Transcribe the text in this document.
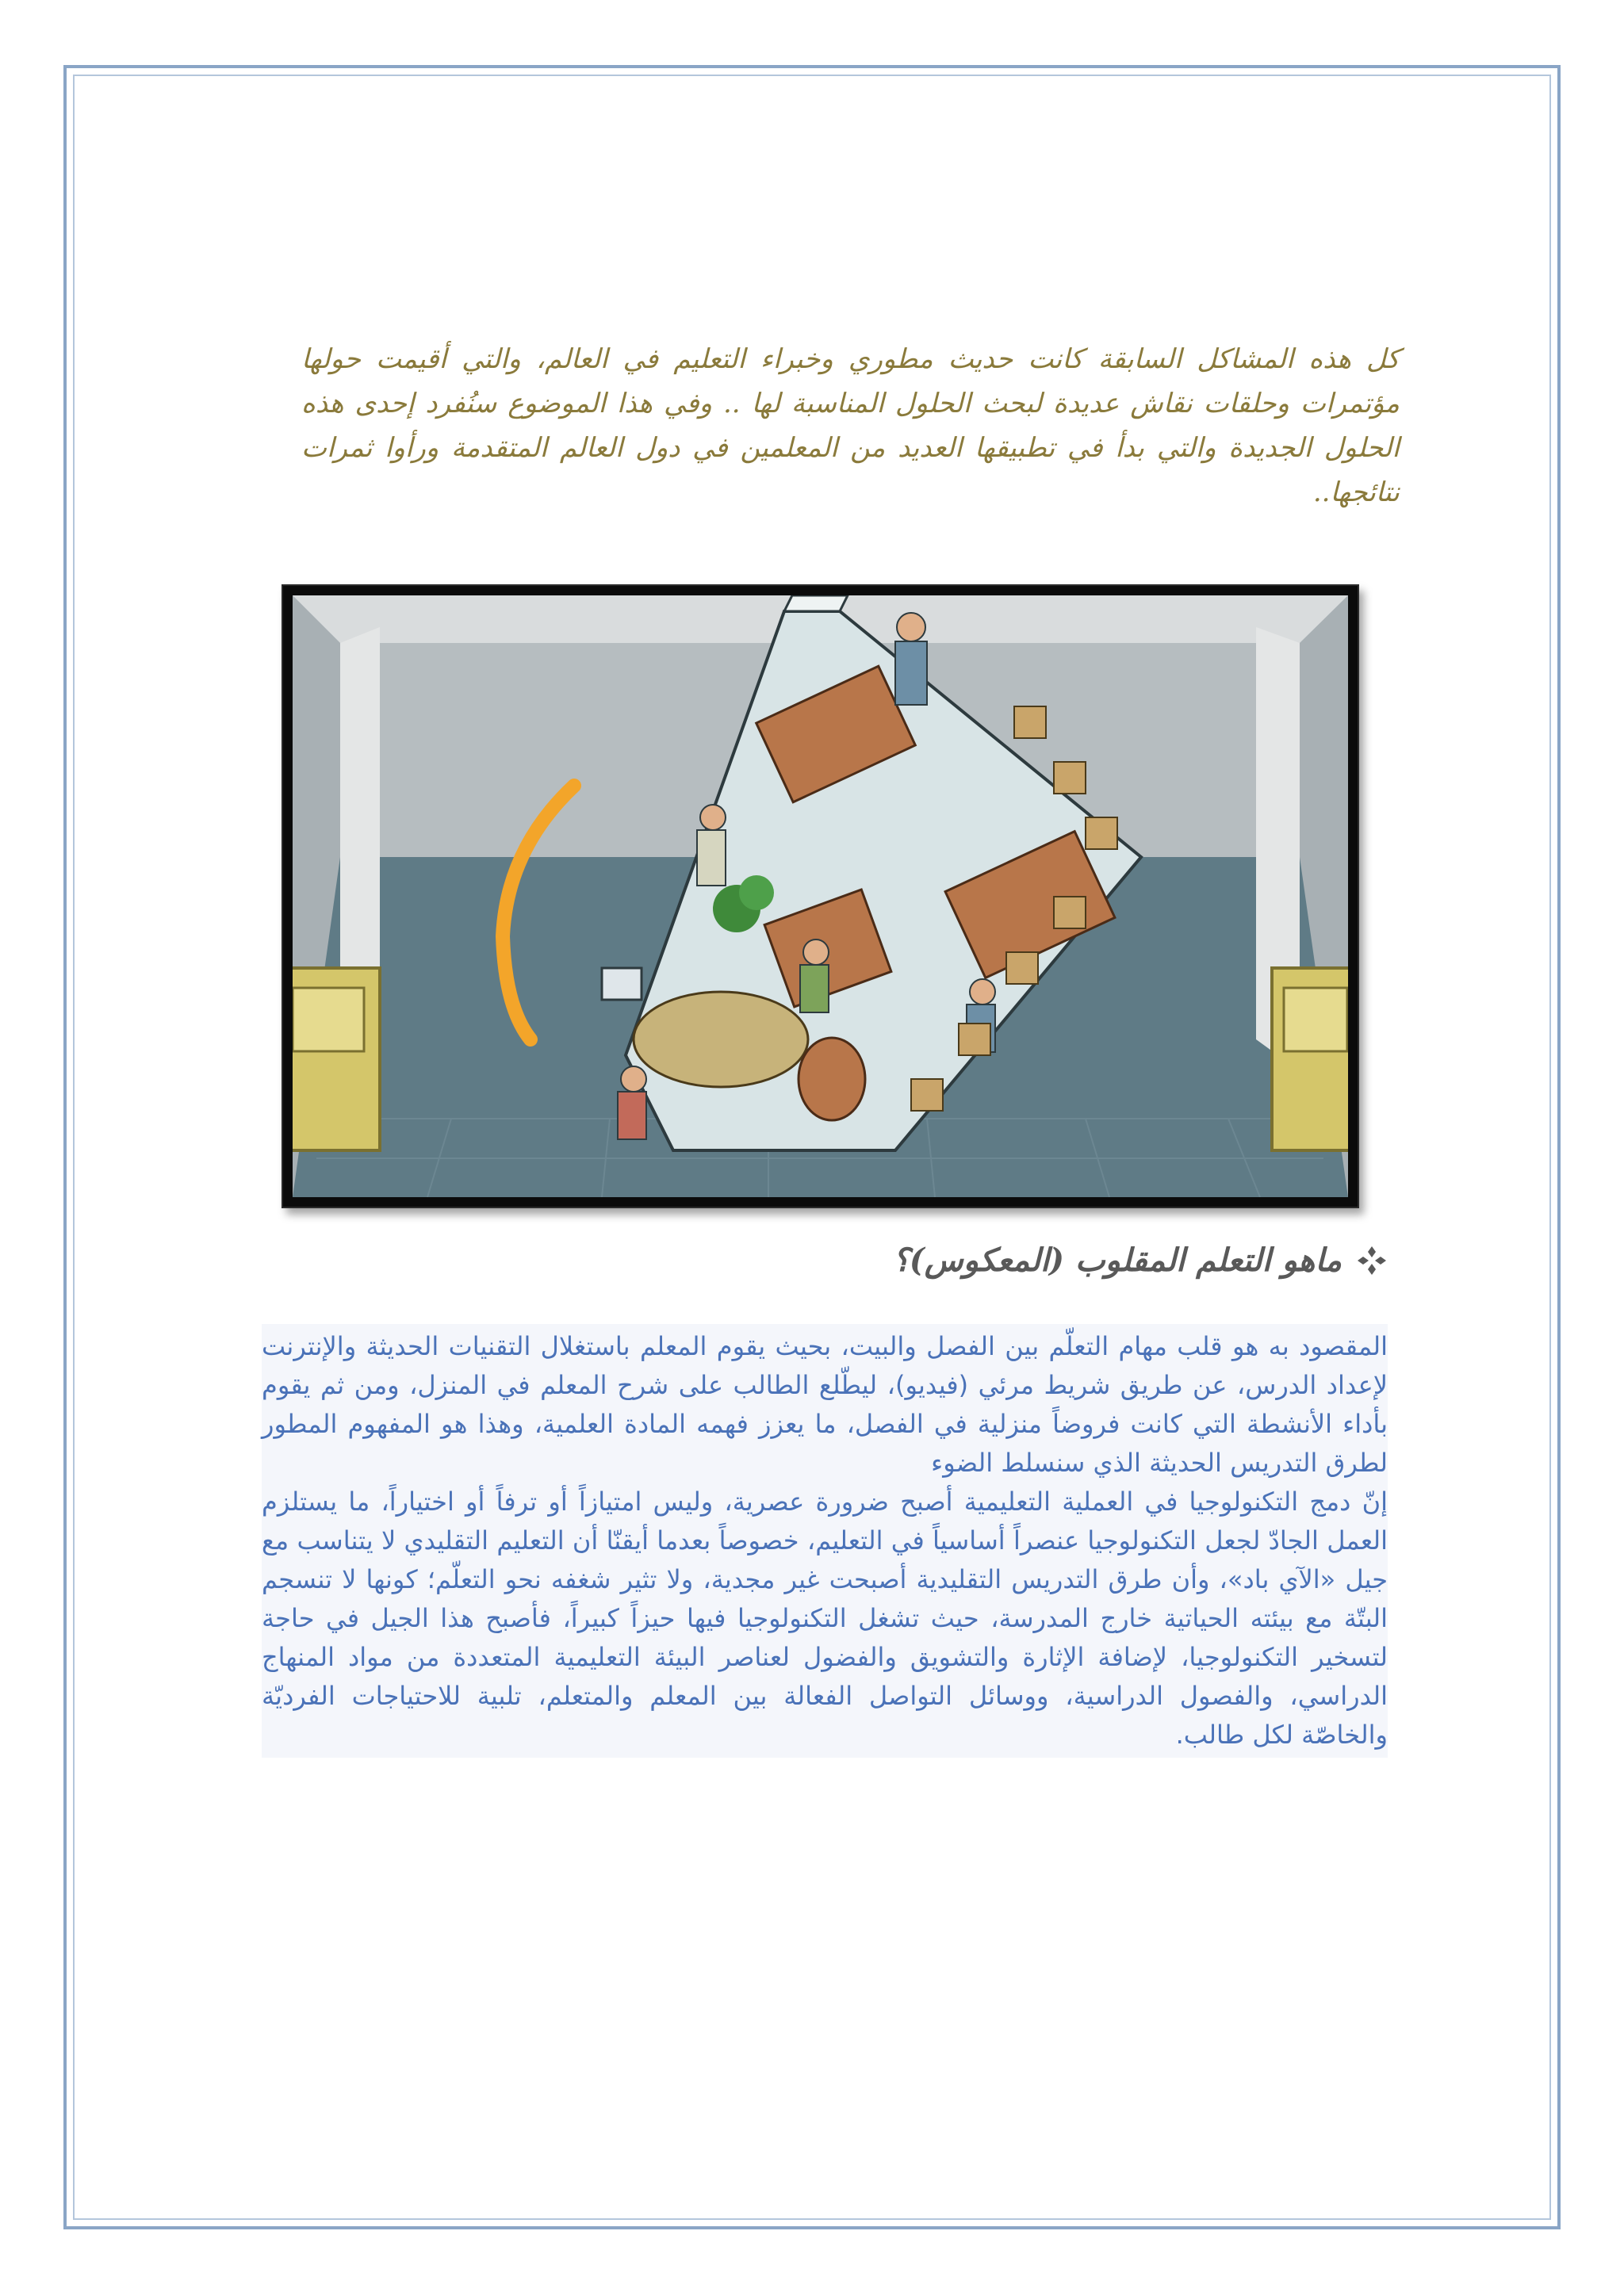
كل هذه المشاكل السابقة كانت حديث مطوري وخبراء التعليم في العالم، والتي أقيمت حولها مؤتمرات وحلقات نقاش عديدة لبحث الحلول المناسبة لها .. وفي هذا الموضوع سنُفرد إحدى هذه الحلول الجديدة والتي بدأ في تطبيقها العديد من المعلمين في دول العالم المتقدمة ورأوا ثمرات نتائجها..

ماهو التعلم المقلوب (المعكوس)؟

المقصود به هو قلب مهام التعلّم بين الفصل والبيت، بحيث يقوم المعلم باستغلال التقنيات الحديثة والإنترنت لإعداد الدرس، عن طريق شريط مرئي (فيديو)، ليطّلع الطالب على شرح المعلم في المنزل، ومن ثم يقوم بأداء الأنشطة التي كانت فروضاً منزلية في الفصل، ما يعزز فهمه المادة العلمية، وهذا هو المفهوم المطور لطرق التدريس الحديثة الذي سنسلط الضوء

إنّ دمج التكنولوجيا في العملية التعليمية أصبح ضرورة عصرية، وليس امتيازاً أو ترفاً أو اختياراً، ما يستلزم العمل الجادّ لجعل التكنولوجيا عنصراً أساسياً في التعليم، خصوصاً بعدما أيقنّا أن التعليم التقليدي لا يتناسب مع جيل «الآي باد»، وأن طرق التدريس التقليدية أصبحت غير مجدية، ولا تثير شغفه نحو التعلّم؛ كونها لا تنسجم البتّة مع بيئته الحياتية خارج المدرسة، حيث تشغل التكنولوجيا فيها حيزاً كبيراً، فأصبح هذا الجيل في حاجة لتسخير التكنولوجيا، لإضافة الإثارة والتشويق والفضول لعناصر البيئة التعليمية المتعددة من مواد المنهاج الدراسي، والفصول الدراسية، ووسائل التواصل الفعالة بين المعلم والمتعلم، تلبية للاحتياجات الفرديّة والخاصّة لكل طالب.
